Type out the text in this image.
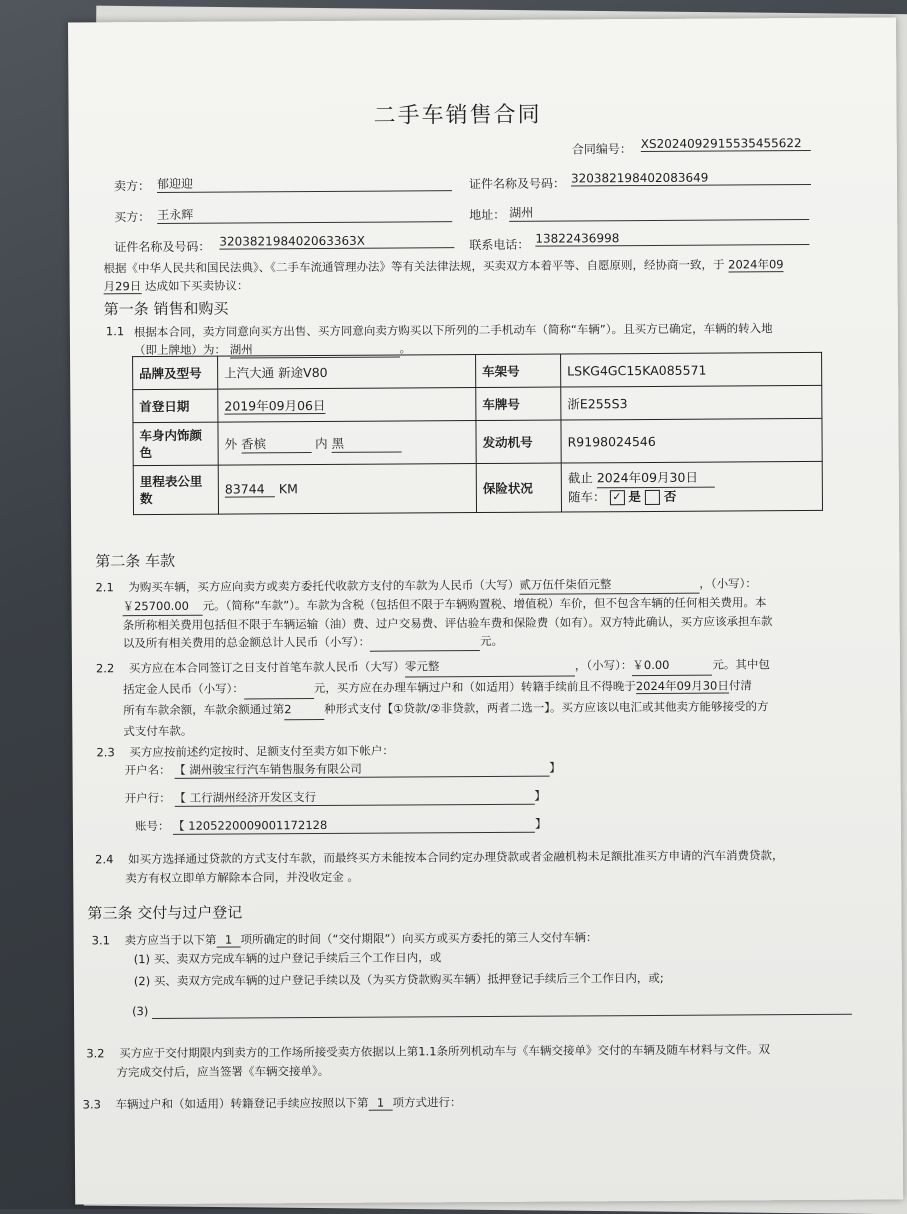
二手车销售合同
合同编号： XS2024092915535455622
卖方： 郁迎迎	证件名称及号码： 320382198402083649
买方： 王永辉	地址： 湖州
证件名称及号码： 320382198402063363X	联系电话： 13822436998
根据《中华人民共和国民法典》、《二手车流通管理办法》等有关法律法规，买卖双方本着平等、自愿原则，经协商一致，于 2024年09
月29日 达成如下买卖协议：
第一条 销售和购买
1.1 根据本合同，卖方同意向买方出售、买方同意向卖方购买以下所列的二手机动车（简称“车辆”）。且买方已确定，车辆的转入地
（即上牌地）为： 湖州	。
品牌及型号	上汽大通 新途V80	车架号	LSKG4GC15KA085571
首登日期	2019年09月06日	车牌号	浙E255S3
车身内饰颜色	外 香槟 内 黑	发动机号	R9198024546
里程表公里数	83744 KM	保险状况	截止 2024年09月30日
随车： ✓ 是 否
第二条 车款
2.1 为购买车辆，买方应向卖方或卖方委托代收款方支付的车款为人民币（大写）贰万伍仟柒佰元整	，（小写）：
￥25700.00 元。（简称“车款”）。车款为含税（包括但不限于车辆购置税、增值税）车价，但不包含车辆的任何相关费用。本
条所称相关费用包括但不限于车辆运输（油）费、过户交易费、评估验车费和保险费（如有）。双方特此确认，买方应该承担车款
以及所有相关费用的总金额总计人民币（小写）：	元。
2.2 买方应在本合同签订之日支付首笔车款人民币（大写）零元整	，（小写）：￥0.00	元。其中包
括定金人民币（小写）：	元，买方应在办理车辆过户和（如适用）转籍手续前且不得晚于2024年09月30日付清
所有车款余额，车款余额通过第2	种形式支付【①贷款/②非贷款，两者二选一】。买方应该以电汇或其他卖方能够接受的方
式支付车款。
2.3 买方应按前述约定按时、足额支付至卖方如下帐户：
开户名： 【 湖州骏宝行汽车销售服务有限公司	】
开户行： 【 工行湖州经济开发区支行	】
账号： 【 1205220009001172128	】
2.4 如买方选择通过贷款的方式支付车款，而最终买方未能按本合同约定办理贷款或者金融机构未足额批准买方申请的汽车消费贷款，
卖方有权立即单方解除本合同，并没收定金 。
第三条 交付与过户登记
3.1 卖方应当于以下第 1 项所确定的时间（“交付期限”）向买方或买方委托的第三人交付车辆：
(1) 买、卖双方完成车辆的过户登记手续后三个工作日内，或
(2) 买、卖双方完成车辆的过户登记手续以及（为买方贷款购买车辆）抵押登记手续后三个工作日内，或;
(3)
3.2 买方应于交付期限内到卖方的工作场所接受卖方依据以上第1.1条所列机动车与《车辆交接单》交付的车辆及随车材料与文件。双
方完成交付后，应当签署《车辆交接单》。
3.3 车辆过户和（如适用）转籍登记手续应按照以下第 1 项方式进行：
